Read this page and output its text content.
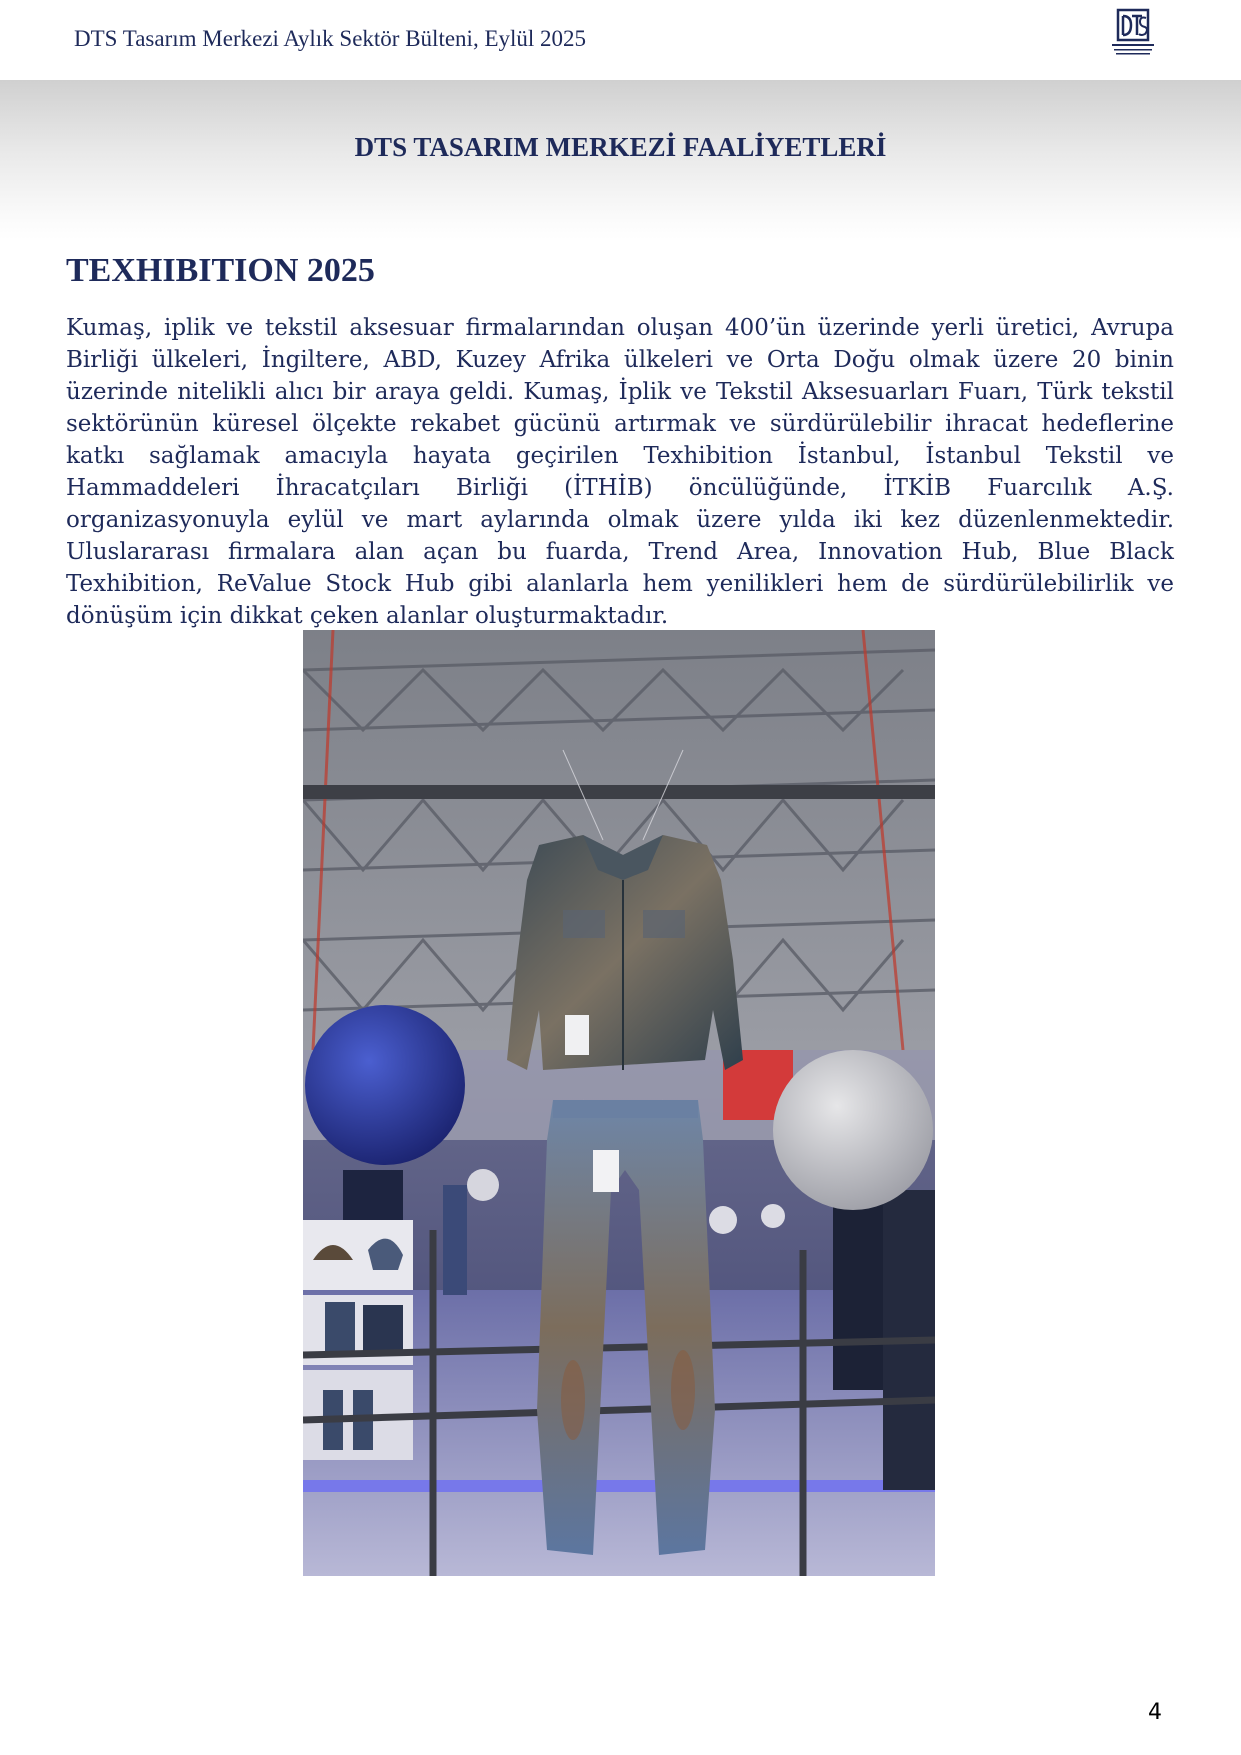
DTS Tasarım Merkezi Aylık Sektör Bülteni, Eylül 2025
DTS TASARIM MERKEZİ FAALİYETLERİ
TEXHIBITION 2025

Kumaş, iplik ve tekstil aksesuar firmalarından oluşan 400’ün üzerinde yerli üretici, Avrupa Birliği ülkeleri, İngiltere, ABD, Kuzey Afrika ülkeleri ve Orta Doğu olmak üzere 20 binin üzerinde nitelikli alıcı bir araya geldi. Kumaş, İplik ve Tekstil Aksesuarları Fuarı, Türk tekstil sektörünün küresel ölçekte rekabet gücünü artırmak ve sürdürülebilir ihracat hedeflerine katkı sağlamak amacıyla hayata geçirilen Texhibition İstanbul, İstanbul Tekstil ve Hammaddeleri İhracatçıları Birliği (İTHİB) öncülüğünde, İTKİB Fuarcılık A.Ş. organizasyonuyla eylül ve mart aylarında olmak üzere yılda iki kez düzenlenmektedir. Uluslararası firmalara alan açan bu fuarda, Trend Area, Innovation Hub, Blue Black Texhibition, ReValue Stock Hub gibi alanlarla hem yenilikleri hem de sürdürülebilirlik ve dönüşüm için dikkat çeken alanlar oluşturmaktadır.

4
